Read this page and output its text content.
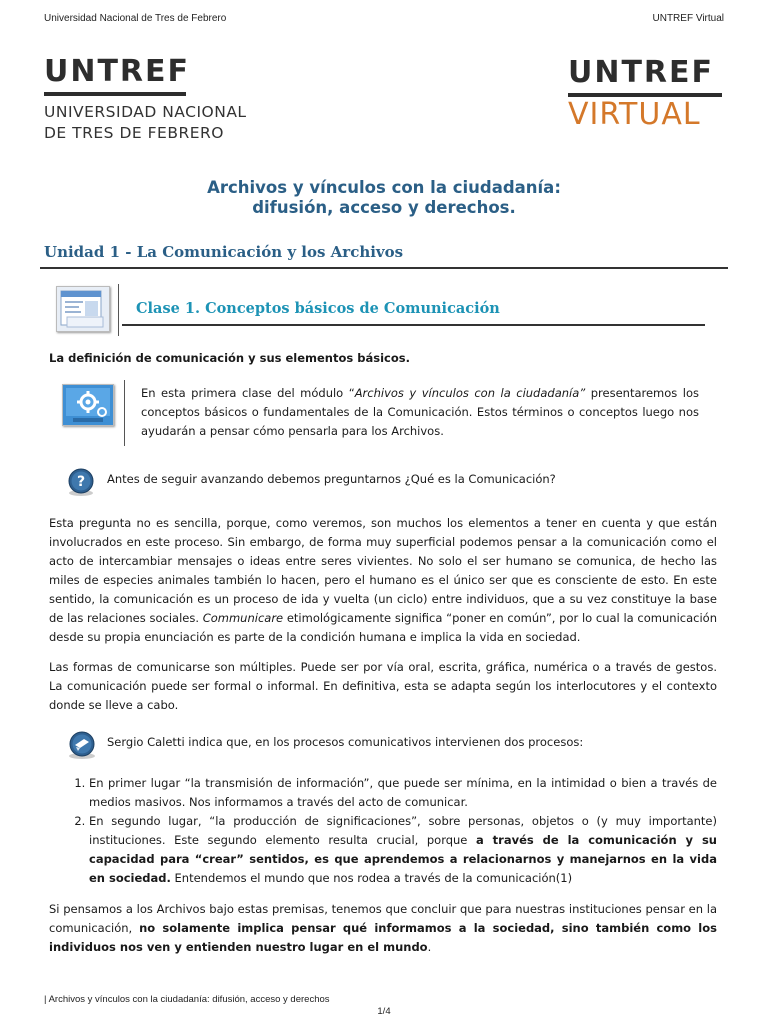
Universidad Nacional de Tres de Febrero	UNTREF Virtual
UNTREF
UNIVERSIDAD NACIONAL
DE TRES DE FEBRERO
UNTREF
VIRTUAL
Archivos y vínculos con la ciudadanía:
difusión, acceso y derechos.
Unidad 1 - La Comunicación y los Archivos
Clase 1. Conceptos básicos de Comunicación
La definición de comunicación y sus elementos básicos.
En esta primera clase del módulo “Archivos y vínculos con la ciudadanía” presentaremos los conceptos básicos o fundamentales de la Comunicación. Estos términos o conceptos luego nos ayudarán a pensar cómo pensarla para los Archivos.
? Antes de seguir avanzando debemos preguntarnos ¿Qué es la Comunicación?
Esta pregunta no es sencilla, porque, como veremos, son muchos los elementos a tener en cuenta y que están involucrados en este proceso. Sin embargo, de forma muy superficial podemos pensar a la comunicación como el acto de intercambiar mensajes o ideas entre seres vivientes. No solo el ser humano se comunica, de hecho las miles de especies animales también lo hacen, pero el humano es el único ser que es consciente de esto. En este sentido, la comunicación es un proceso de ida y vuelta (un ciclo) entre individuos, que a su vez constituye la base de las relaciones sociales. Communicare etimológicamente significa “poner en común”, por lo cual la comunicación desde su propia enunciación es parte de la condición humana e implica la vida en sociedad.
Las formas de comunicarse son múltiples. Puede ser por vía oral, escrita, gráfica, numérica o a través de gestos. La comunicación puede ser formal o informal. En definitiva, esta se adapta según los interlocutores y el contexto donde se lleve a cabo.
Sergio Caletti indica que, en los procesos comunicativos intervienen dos procesos:
1. En primer lugar “la transmisión de información”, que puede ser mínima, en la intimidad o bien a través de medios masivos. Nos informamos a través del acto de comunicar.
2. En segundo lugar, “la producción de significaciones”, sobre personas, objetos o (y muy importante) instituciones. Este segundo elemento resulta crucial, porque a través de la comunicación y su capacidad para “crear” sentidos, es que aprendemos a relacionarnos y manejarnos en la vida en sociedad. Entendemos el mundo que nos rodea a través de la comunicación(1)
Si pensamos a los Archivos bajo estas premisas, tenemos que concluir que para nuestras instituciones pensar en la comunicación, no solamente implica pensar qué informamos a la sociedad, sino también como los individuos nos ven y entienden nuestro lugar en el mundo.
| Archivos y vínculos con la ciudadanía: difusión, acceso y derechos
1/4
